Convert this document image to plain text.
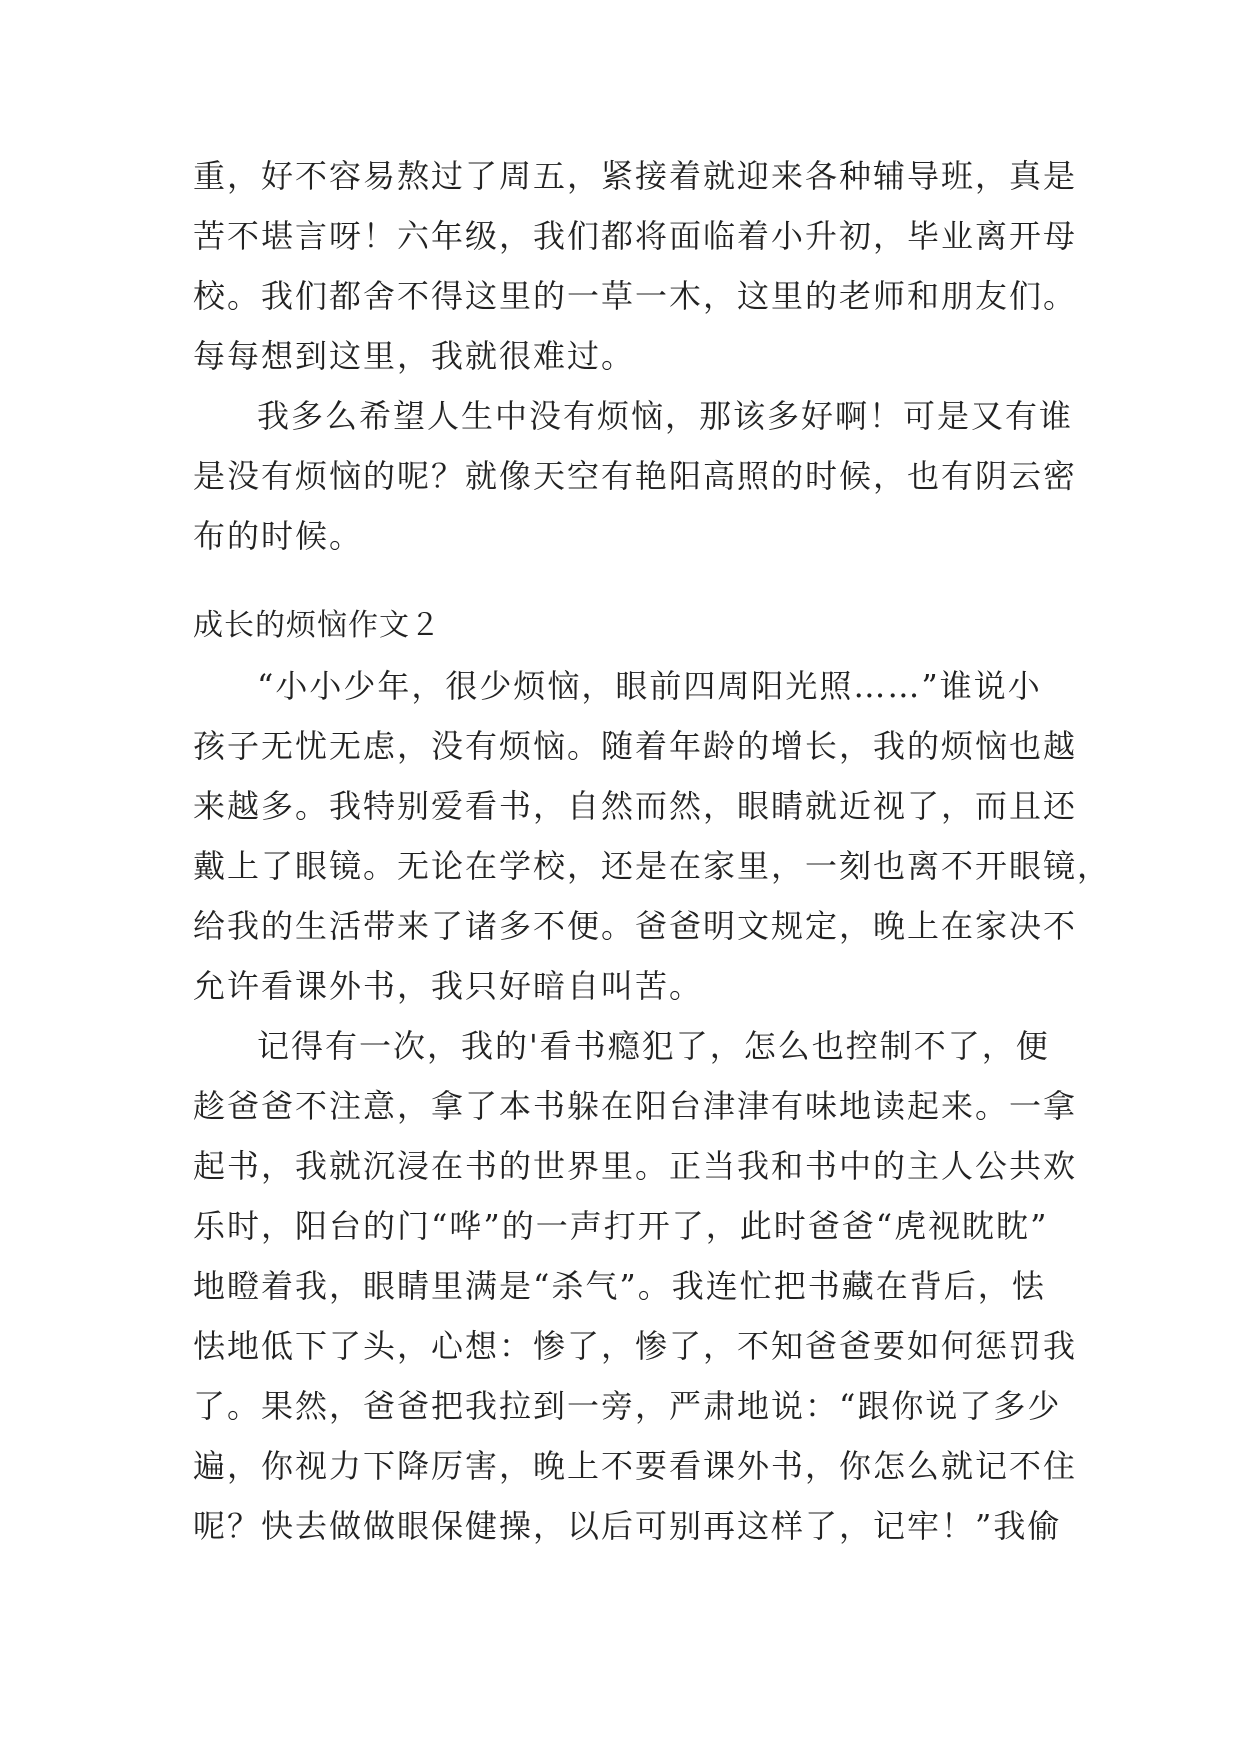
重，好不容易熬过了周五，紧接着就迎来各种辅导班，真是
苦不堪言呀！六年级，我们都将面临着小升初，毕业离开母
校。我们都舍不得这里的一草一木，这里的老师和朋友们。
每每想到这里，我就很难过。
我多么希望人生中没有烦恼，那该多好啊！可是又有谁
是没有烦恼的呢？就像天空有艳阳高照的时候，也有阴云密
布的时候。
成长的烦恼作文２
“小小少年，很少烦恼，眼前四周阳光照……”谁说小
孩子无忧无虑，没有烦恼。随着年龄的增长，我的烦恼也越
来越多。我特别爱看书，自然而然，眼睛就近视了，而且还
戴上了眼镜。无论在学校，还是在家里，一刻也离不开眼镜，
给我的生活带来了诸多不便。爸爸明文规定，晚上在家决不
允许看课外书，我只好暗自叫苦。
记得有一次，我的'看书瘾犯了，怎么也控制不了，便
趁爸爸不注意，拿了本书躲在阳台津津有味地读起来。一拿
起书，我就沉浸在书的世界里。正当我和书中的主人公共欢
乐时，阳台的门“哗”的一声打开了，此时爸爸“虎视眈眈”
地瞪着我，眼睛里满是“杀气”。我连忙把书藏在背后，怯
怯地低下了头，心想：惨了，惨了，不知爸爸要如何惩罚我
了。果然，爸爸把我拉到一旁，严肃地说：“跟你说了多少
遍，你视力下降厉害，晚上不要看课外书，你怎么就记不住
呢？快去做做眼保健操，以后可别再这样了，记牢！”我偷
